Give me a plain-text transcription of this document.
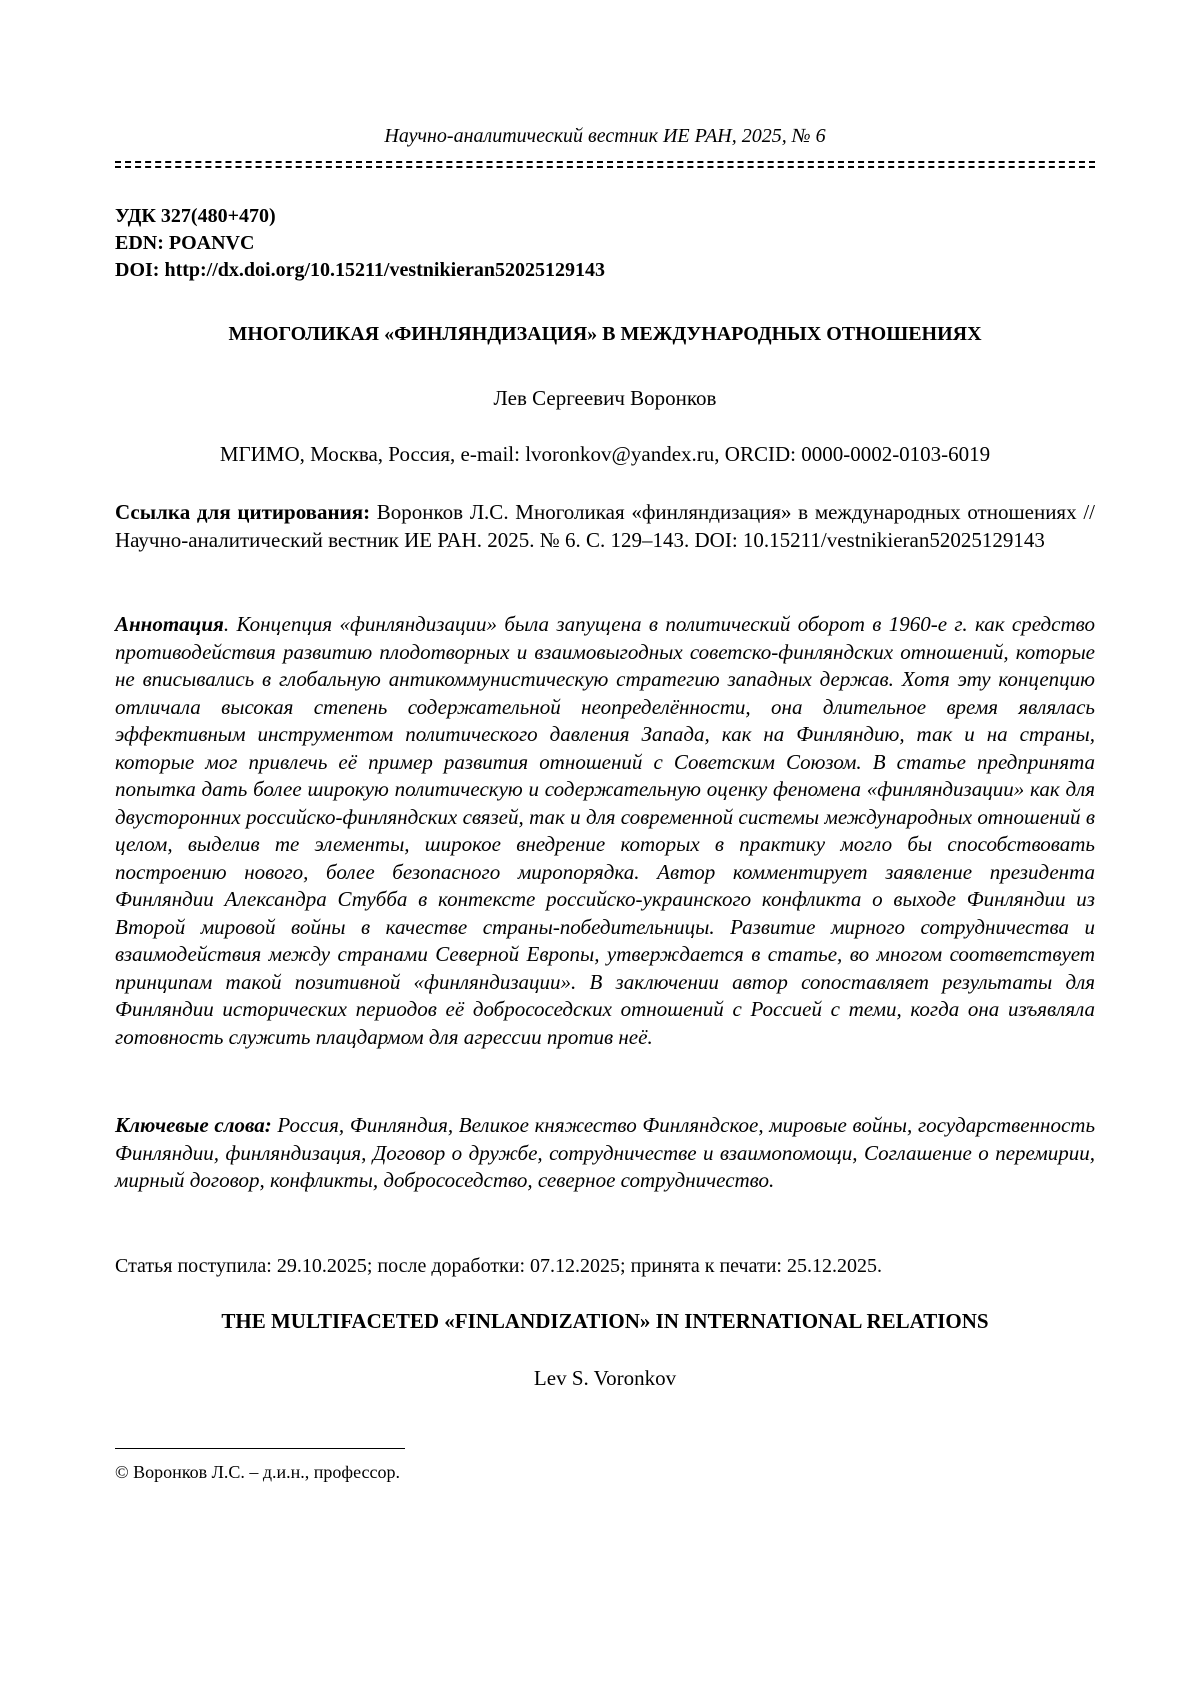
Научно-аналитический вестник ИЕ РАН, 2025, № 6

УДК 327(480+470)
EDN: POANVC
DOI: http://dx.doi.org/10.15211/vestnikieran52025129143
МНОГОЛИКАЯ «ФИНЛЯНДИЗАЦИЯ» В МЕЖДУНАРОДНЫХ ОТНОШЕНИЯХ

Лев Сергеевич Воронков

МГИМО, Москва, Россия, e-mail: lvoronkov@yandex.ru, ORCID: 0000-0002-0103-6019

Ссылка для цитирования: Воронков Л.С. Многоликая «финляндизация» в международных отношениях // Научно-аналитический вестник ИЕ РАН. 2025. № 6. С. 129–143. DOI: 10.15211/vestnikieran52025129143

Аннотация. Концепция «финляндизации» была запущена в политический оборот в 1960-е г. как средство противодействия развитию плодотворных и взаимовыгодных советско-финляндских отношений, которые не вписывались в глобальную антикоммунистическую стратегию западных держав. Хотя эту концепцию отличала высокая степень содержательной неопределённости, она длительное время являлась эффективным инструментом политического давления Запада, как на Финляндию, так и на страны, которые мог привлечь её пример развития отношений с Советским Союзом. В статье предпринята попытка дать более широкую политическую и содержательную оценку феномена «финляндизации» как для двусторонних российско-финляндских связей, так и для современной системы международных отношений в целом, выделив те элементы, широкое внедрение которых в практику могло бы способствовать построению нового, более безопасного миропорядка. Автор комментирует заявление президента Финляндии Александра Стубба в контексте российско-украинского конфликта о выходе Финляндии из Второй мировой войны в качестве страны-победительницы. Развитие мирного сотрудничества и взаимодействия между странами Северной Европы, утверждается в статье, во многом соответствует принципам такой позитивной «финляндизации». В заключении автор сопоставляет результаты для Финляндии исторических периодов её добрососедских отношений с Россией с теми, когда она изъявляла готовность служить плацдармом для агрессии против неё.

Ключевые слова: Россия, Финляндия, Великое княжество Финляндское, мировые войны, государственность Финляндии, финляндизация, Договор о дружбе, сотрудничестве и взаимопомощи, Соглашение о перемирии, мирный договор, конфликты, добрососедство, северное сотрудничество.

Статья поступила: 29.10.2025; после доработки: 07.12.2025; принята к печати: 25.12.2025.

THE MULTIFACETED «FINLANDIZATION» IN INTERNATIONAL RELATIONS

Lev S. Voronkov

© Воронков Л.С. – д.и.н., профессор.
